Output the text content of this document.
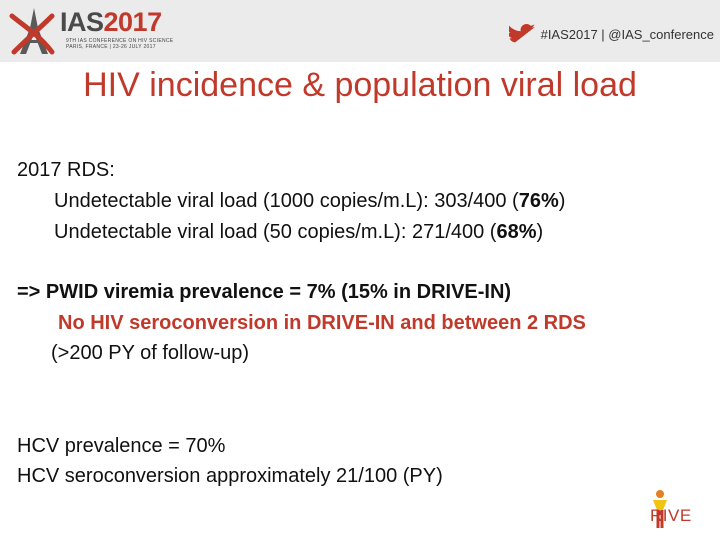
IAS2017
9TH IAS CONFERENCE ON HIV SCIENCE
PARIS, FRANCE | 23-26 JULY 2017
#IAS2017 | @IAS_conference
HIV incidence & population viral load

2017 RDS:

Undetectable viral load (1000 copies/m.L): 303/400 (76%)

Undetectable viral load (50 copies/m.L): 271/400 (68%)

=> PWID viremia prevalence = 7% (15% in DRIVE-IN)

No HIV seroconversion in DRIVE-IN and between 2 RDS

(>200 PY of follow-up)

HCV prevalence = 70%

HCV seroconversion approximately 21/100 (PY)

RIVE
